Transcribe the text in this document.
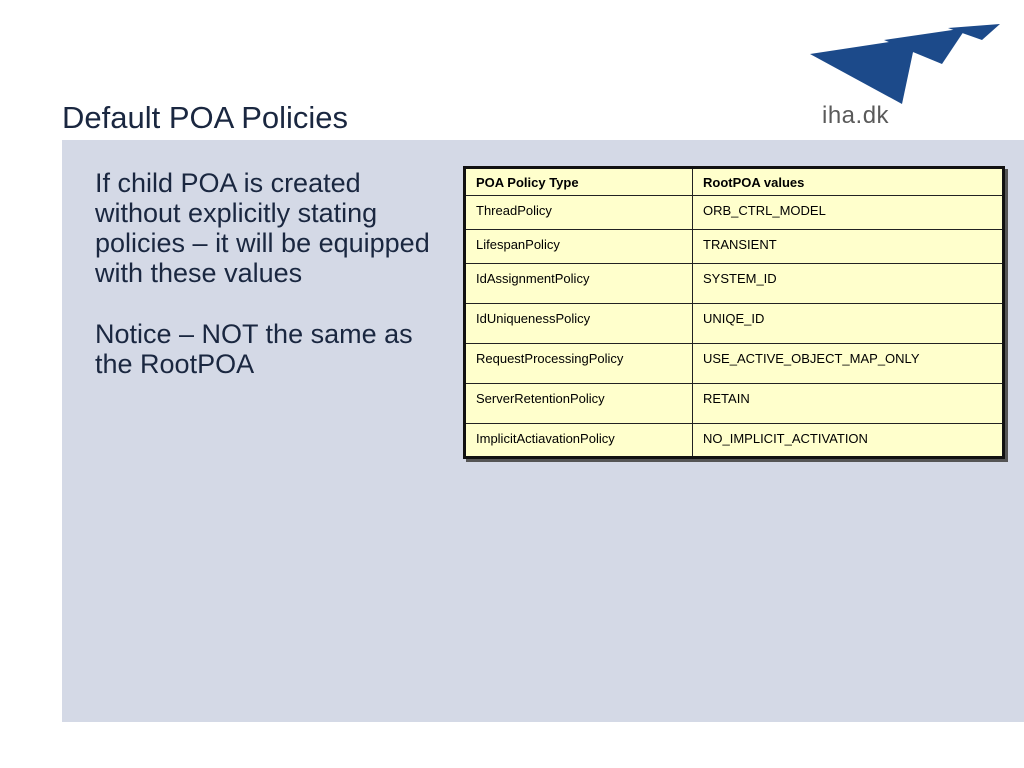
Default POA Policies	iha.dk

If child POA is created without explicitly stating policies – it will be equipped with these values

Notice – NOT the same as the RootPOA

POA Policy Type	RootPOA values
ThreadPolicy	ORB_CTRL_MODEL
LifespanPolicy	TRANSIENT
IdAssignmentPolicy	SYSTEM_ID
IdUniquenessPolicy	UNIQE_ID
RequestProcessingPolicy	USE_ACTIVE_OBJECT_MAP_ONLY
ServerRetentionPolicy	RETAIN
ImplicitActiavationPolicy	NO_IMPLICIT_ACTIVATION
